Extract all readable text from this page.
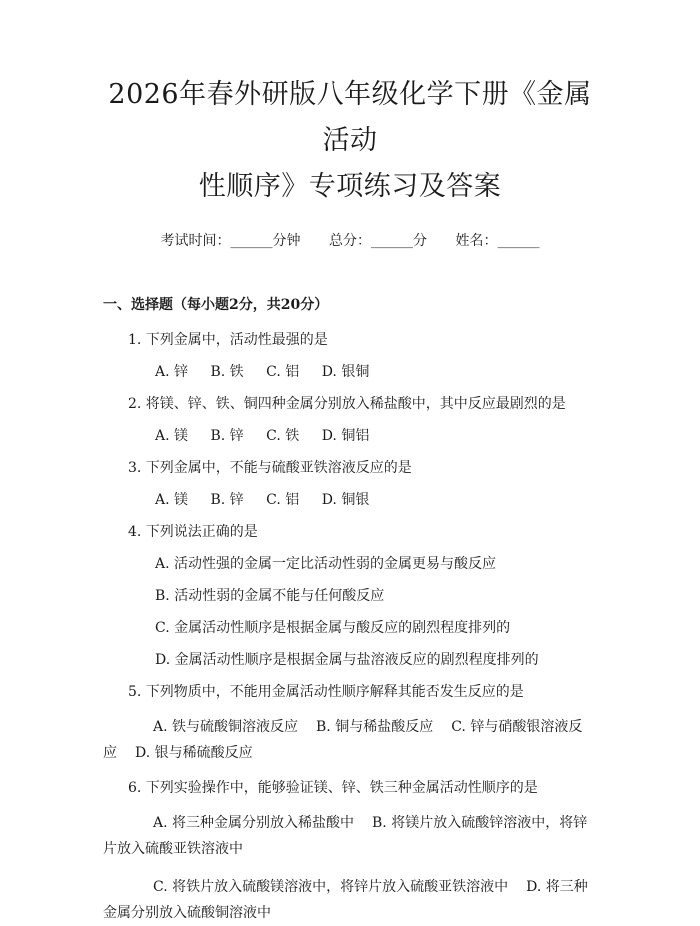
2026年春外研版八年级化学下册《金属活动
性顺序》专项练习及答案
考试时间：______分钟 总分：______分 姓名：______
一、选择题（每小题2分，共20分）
1. 下列金属中，活动性最强的是
A. 锌 B. 铁 C. 铝 D. 银铜
2. 将镁、锌、铁、铜四种金属分别放入稀盐酸中，其中反应最剧烈的是
A. 镁 B. 锌 C. 铁 D. 铜铝
3. 下列金属中，不能与硫酸亚铁溶液反应的是
A. 镁 B. 锌 C. 铝 D. 铜银
4. 下列说法正确的是
A. 活动性强的金属一定比活动性弱的金属更易与酸反应
B. 活动性弱的金属不能与任何酸反应
C. 金属活动性顺序是根据金属与酸反应的剧烈程度排列的
D. 金属活动性顺序是根据金属与盐溶液反应的剧烈程度排列的
5. 下列物质中，不能用金属活动性顺序解释其能否发生反应的是
A. 铁与硫酸铜溶液反应 B. 铜与稀盐酸反应 C. 锌与硝酸银溶液反应 D. 银与稀硫酸反应
6. 下列实验操作中，能够验证镁、锌、铁三种金属活动性顺序的是
A. 将三种金属分别放入稀盐酸中 B. 将镁片放入硫酸锌溶液中，将锌片放入硫酸亚铁溶液中
C. 将铁片放入硫酸镁溶液中，将锌片放入硫酸亚铁溶液中 D. 将三种金属分别放入硫酸铜溶液中
